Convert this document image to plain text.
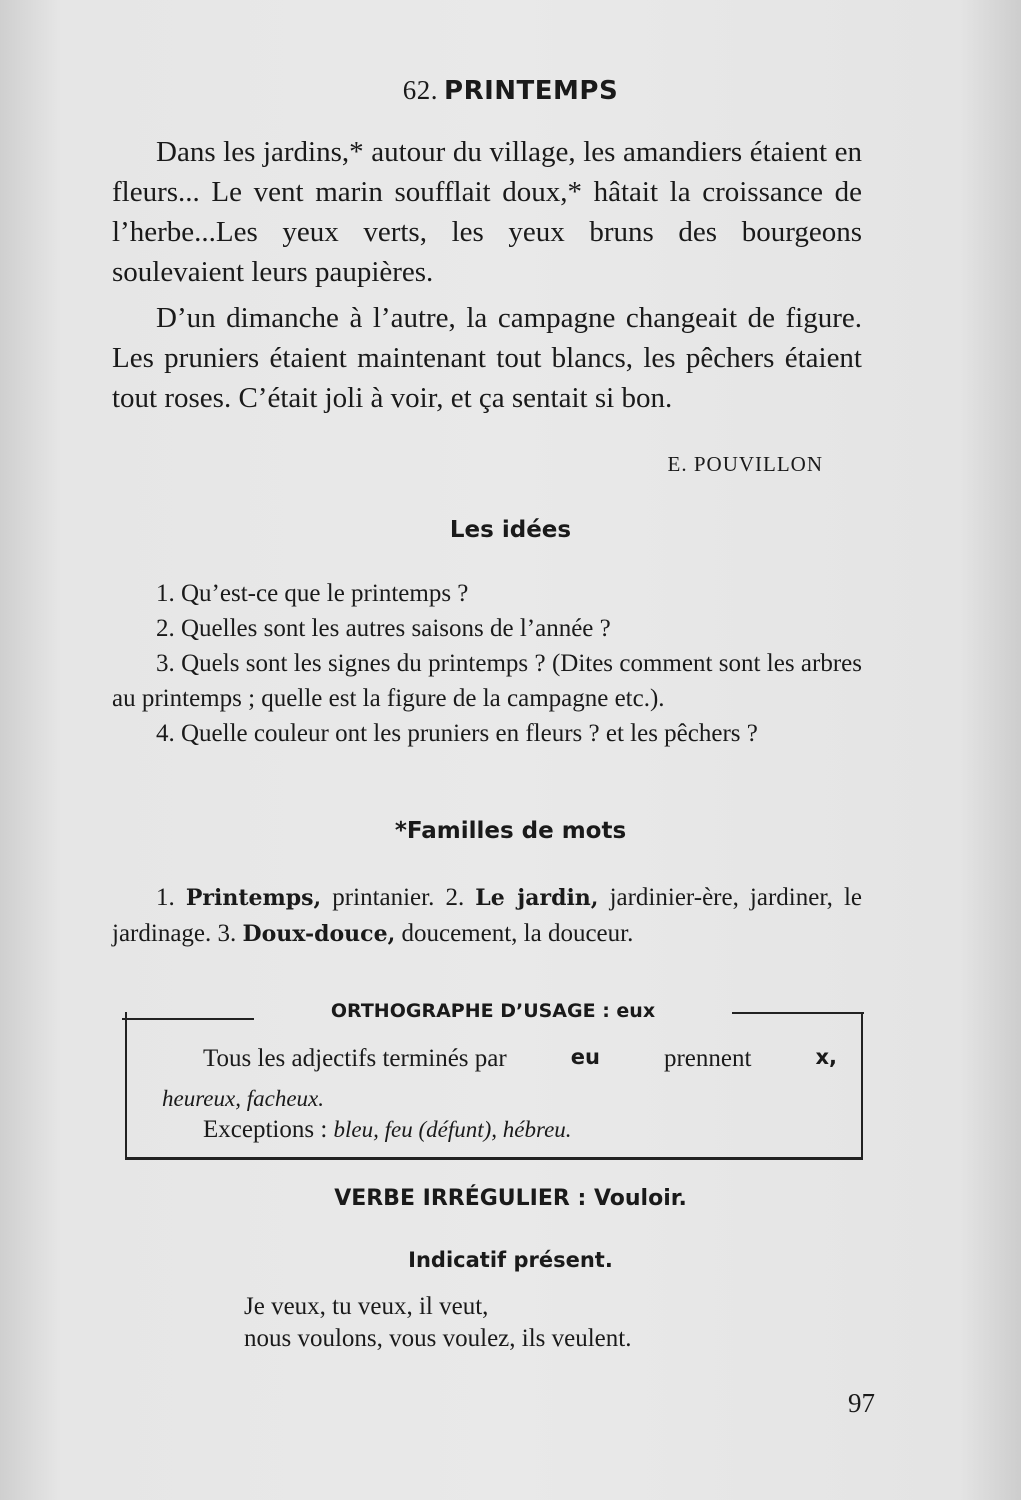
62. PRINTEMPS

Dans les jardins,* autour du village, les amandiers étaient en fleurs... Le vent marin soufflait doux,* hâtait la croissance de l’herbe...Les yeux verts, les yeux bruns des bourgeons soulevaient leurs paupières.

D’un dimanche à l’autre, la campagne changeait de figure. Les pruniers étaient maintenant tout blancs, les pêchers étaient tout roses. C’était joli à voir, et ça sentait si bon.

E. POUVILLON
Les idées

1. Qu’est-ce que le printemps ?

2. Quelles sont les autres saisons de l’année ?

3. Quels sont les signes du printemps ? (Dites comment sont les arbres au printemps ; quelle est la figure de la campagne etc.).

4. Quelle couleur ont les pruniers en fleurs ? et les pêchers ?

*Familles de mots

1. Printemps, printanier. 2. Le jardin, jardinier-ère, jardiner, le jardinage. 3. Doux-douce, doucement, la douceur.

Tous les adjectifs terminés par	eu	prennent	x,
heureux, facheux.
Exceptions : bleu, feu (défunt), hébreu.
ORTHOGRAPHE D’USAGE : eux
VERBE IRRÉGULIER : Vouloir.
Indicatif présent.
Je veux, tu veux, il veut,
nous voulons, vous voulez, ils veulent.
97
